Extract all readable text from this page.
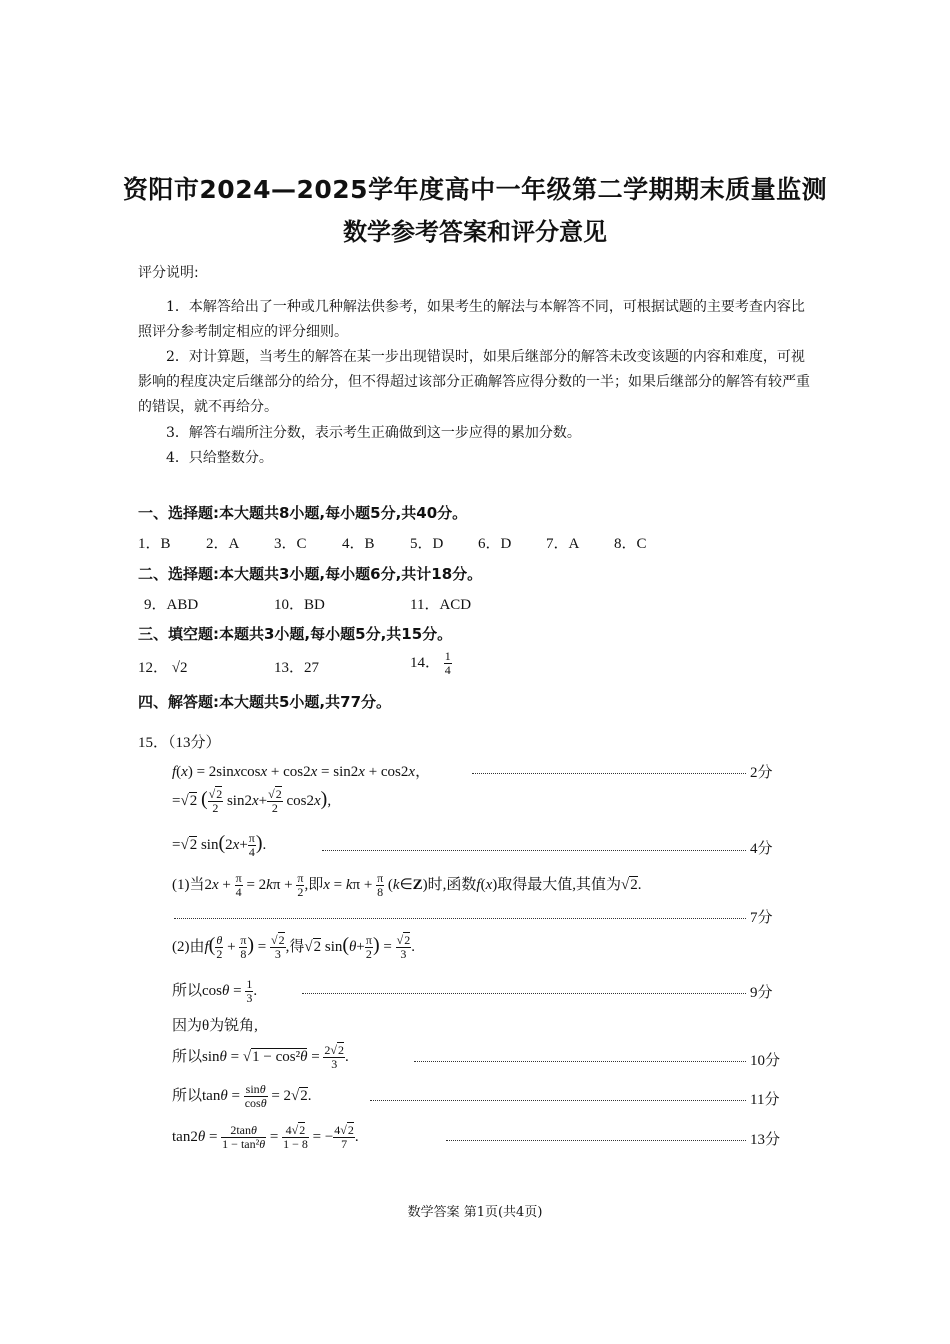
资阳市2024—2025学年度高中一年级第二学期期末质量监测
数学参考答案和评分意见
评分说明:
1．本解答给出了一种或几种解法供参考，如果考生的解法与本解答不同，可根据试题的主要考查内容比照评分参考制定相应的评分细则。
2．对计算题，当考生的解答在某一步出现错误时，如果后继部分的解答未改变该题的内容和难度，可视影响的程度决定后继部分的给分，但不得超过该部分正确解答应得分数的一半；如果后继部分的解答有较严重的错误，就不再给分。
3．解答右端所注分数，表示考生正确做到这一步应得的累加分数。
4．只给整数分。
一、选择题:本大题共8小题,每小题5分,共40分。
1．B 2．A 3．C 4．B 5．D 6．D 7．A 8．C
二、选择题:本大题共3小题,每小题6分,共计18分。
9．ABD	10．BD	11．ACD
三、填空题:本题共3小题,每小题5分,共15分。
12． √2	13．27	14． $\frac{1}{4}$
四、解答题:本大题共5小题,共77分。
15．（13分）
f(x) = 2sinxcosx + cos2x = sin2x + cos2x，	2分
=√2 ( $\frac{√2}{2} \sin 2x+ \frac{√2}{2} \cos 2x$),
=√2 $\sin(2x+ \frac{\pi}{4}$ ).	4分
(1)当$2x + \frac{\pi}{4} = 2k\pi + \frac{\pi}{2}$ ,即$x = k\pi + \frac{\pi}{8}$ (k∈Z)时,函数f(x)取得最大值,其值为√2.
7分
(2)由$f( \frac{\theta}{2} + \frac{\pi}{8}$ ) = $\frac{√2}{3}$ ,得√2 $\sin(\theta+ \frac{\pi}{2}$ ) = $\frac{√2}{3}$ .
所以$\cos\theta = \frac{1}{3}$ .	9分
因为θ为锐角,
所以$\sin\theta = √1 - \cos^2\theta = \frac{2√2}{3}$ .	10分
所以$\tan\theta = \frac{\sin\theta}{\cos\theta} = 2√2$.	11分
$\tan 2\theta = \frac{2\tan\theta}{\text{1 − tan²θ}} = \frac{4√2}{1 - 8}$ = − $\frac{4√2}{7}$ .	13分
数学答案 第1页(共4页)
